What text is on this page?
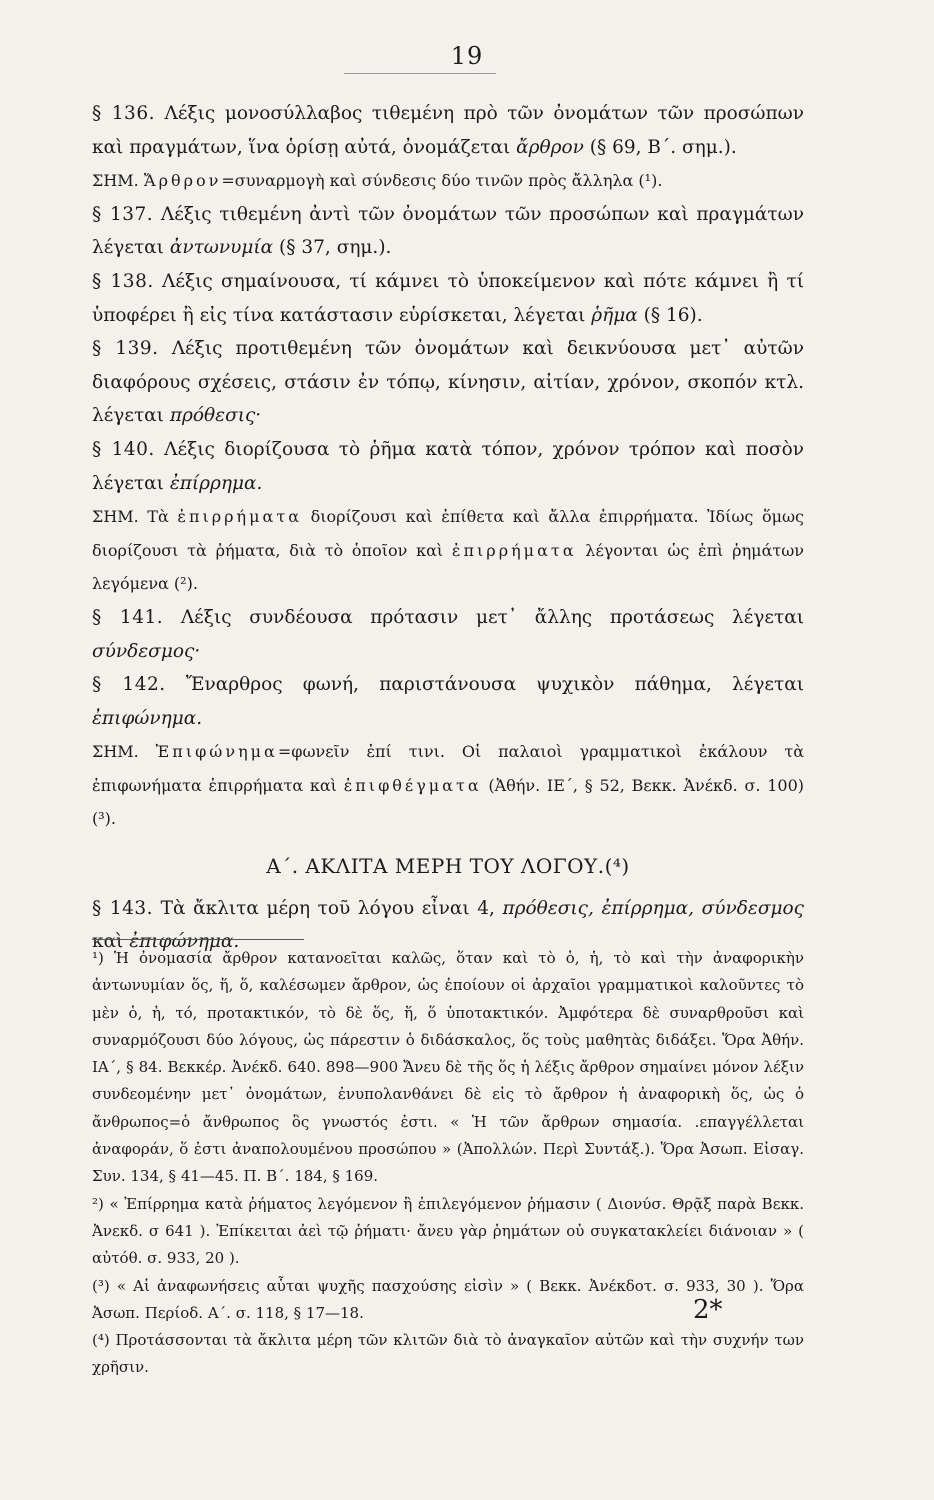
19

§ 136. Λέξις μονοσύλλαβος τιθεμένη πρὸ τῶν ὀνομάτων τῶν προσώπων καὶ πραγμάτων, ἵνα ὁρίσῃ αὐτά, ὀνομάζεται ἄρθρον (§ 69, Β΄. σημ.).

ΣΗΜ. Ἄρθρον=συναρμογὴ καὶ σύνδεσις δύο τινῶν πρὸς ἄλληλα (¹).

§ 137. Λέξις τιθεμένη ἀντὶ τῶν ὀνομάτων τῶν προσώπων καὶ πραγμάτων λέγεται ἀντωνυμία (§ 37, σημ.).

§ 138. Λέξις σημαίνουσα, τί κάμνει τὸ ὑποκείμενον καὶ πότε κάμνει ἢ τί ὑποφέρει ἢ εἰς τίνα κατάστασιν εὑρίσκεται, λέγεται ῥῆμα (§ 16).

§ 139. Λέξις προτιθεμένη τῶν ὀνομάτων καὶ δεικνύουσα μετ᾽ αὐτῶν διαφόρους σχέσεις, στάσιν ἐν τόπῳ, κίνησιν, αἰτίαν, χρόνον, σκοπόν κτλ. λέγεται πρόθεσις·

§ 140. Λέξις διορίζουσα τὸ ῥῆμα κατὰ τόπον, χρόνον τρόπον καὶ ποσὸν λέγεται ἐπίρρημα.

ΣΗΜ. Τὰ ἐπιρρήματα διορίζουσι καὶ ἐπίθετα καὶ ἄλλα ἐπιρρήματα. Ἰδίως ὅμως διορίζουσι τὰ ῥήματα, διὰ τὸ ὁποῖον καὶ ἐπιρρήματα λέγονται ὡς ἐπὶ ῥημάτων λεγόμενα (²).

§ 141. Λέξις συνδέουσα πρότασιν μετ᾽ ἄλλης προτάσεως λέγεται σύνδεσμος·

§ 142. Ἔναρθρος φωνή, παριστάνουσα ψυχικὸν πάθημα, λέγεται ἐπιφώνημα.

ΣΗΜ. Ἐπιφώνημα=φωνεῖν ἐπί τινι. Οἱ παλαιοὶ γραμματικοὶ ἐκάλουν τὰ ἐπιφωνήματα ἐπιρρήματα καὶ ἐπιφθέγματα (Ἀθήν. ΙΕ΄, § 52, Βεκκ. Ἀνέκδ. σ. 100) (³).

Α΄. ΑΚΛΙΤΑ ΜΕΡΗ ΤΟΥ ΛΟΓΟΥ.(⁴)

§ 143. Τὰ ἄκλιτα μέρη τοῦ λόγου εἶναι 4, πρόθεσις, ἐπίρρημα, σύνδεσμος καὶ ἐπιφώνημα.

¹) Ἡ ὀνομασία ἄρθρον κατανοεῖται καλῶς, ὅταν καὶ τὸ ὁ, ἡ, τὸ καὶ τὴν ἀναφορικὴν ἀντωνυμίαν ὅς, ἥ, ὅ, καλέσωμεν ἄρθρον, ὡς ἐποίουν οἱ ἀρχαῖοι γραμματικοὶ καλοῦντες τὸ μὲν ὁ, ἡ, τό, προτακτικόν, τὸ δὲ ὅς, ἥ, ὅ ὑποτακτικόν. Ἀμφότερα δὲ συναρθροῦσι καὶ συναρμόζουσι δύο λόγους, ὡς πάρεστιν ὁ διδάσκαλος, ὅς τοὺς μαθητὰς διδάξει. Ὅρα Ἀθήν. ΙΑ΄, § 84. Βεκκέρ. Ἀνέκδ. 640. 898—900 Ἄνευ δὲ τῆς ὅς ἡ λέξις ἄρθρον σημαίνει μόνον λέξιν συνδεομένην μετ᾽ ὀνομάτων, ἐνυπολανθάνει δὲ εἰς τὸ ἄρθρον ἡ ἀναφορικὴ ὅς, ὡς ὁ ἄνθρωπος=ὁ ἄνθρωπος ὃς γνωστός ἐστι. « Ἡ τῶν ἄρθρων σημασία. .επαγγέλλεται ἀναφοράν, ὅ ἐστι ἀναπολουμένου προσώπου » (Ἀπολλών. Περὶ Συντάξ.). Ὅρα Ἀσωπ. Εἰσαγ. Συν. 134, § 41—45. Π. Β΄. 184, § 169.

²) « Ἐπίρρημα κατὰ ῥήματος λεγόμενον ἢ ἐπιλεγόμενον ῥήμασιν ( Διονύσ. Θρᾷξ παρὰ Βεκκ. Ἀνεκδ. σ 641 ). Ἐπίκειται ἀεὶ τῷ ῥήματι· ἄνευ γὰρ ῥημάτων οὐ συγκατακλείει διάνοιαν » ( αὐτόθ. σ. 933, 20 ).

(³) « Αἱ ἀναφωνήσεις αὗται ψυχῆς πασχούσης εἰσὶν » ( Βεκκ. Ἀνέκδοτ. σ. 933, 30 ). Ὅρα Ἀσωπ. Περίοδ. Α΄. σ. 118, § 17—18.

(⁴) Προτάσσονται τὰ ἄκλιτα μέρη τῶν κλιτῶν διὰ τὸ ἀναγκαῖον αὐτῶν καὶ τὴν συχνήν των χρῆσιν.

2*
